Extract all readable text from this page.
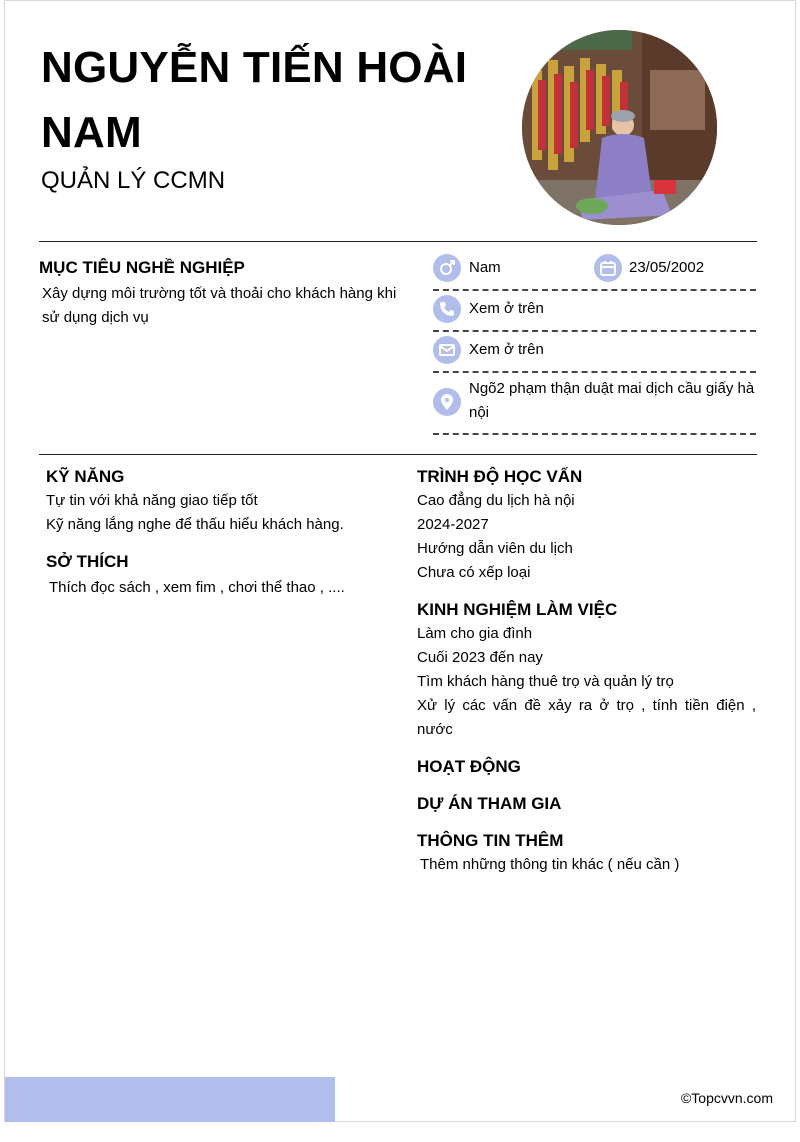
NGUYỄN TIẾN HOÀI NAM
QUẢN LÝ CCMN
MỤC TIÊU NGHỀ NGHIỆP
Xây dựng môi trường tốt và thoải cho khách hàng khi sử dụng dịch vụ
Nam	23/05/2002
Xem ở trên
Xem ở trên
Ngõ2 phạm thận duật mai dịch cầu giấy hà nội
KỸ NĂNG
Tự tin với khả năng giao tiếp tốt
Kỹ năng lắng nghe để thấu hiểu khách hàng.
SỞ THÍCH
Thích đọc sách , xem fim , chơi thể thao , ....
TRÌNH ĐỘ HỌC VẤN
Cao đẳng du lịch hà nội
2024-2027
Hướng dẫn viên du lịch
Chưa có xếp loại
KINH NGHIỆM LÀM VIỆC
Làm cho gia đình
Cuối 2023 đến nay
Tìm khách hàng thuê trọ và quản lý trọ
Xử lý các vấn đề xảy ra ở trọ , tính tiền điện , nước
HOẠT ĐỘNG
DỰ ÁN THAM GIA
THÔNG TIN THÊM
Thêm những thông tin khác ( nếu cần )
©Topcvvn.com
